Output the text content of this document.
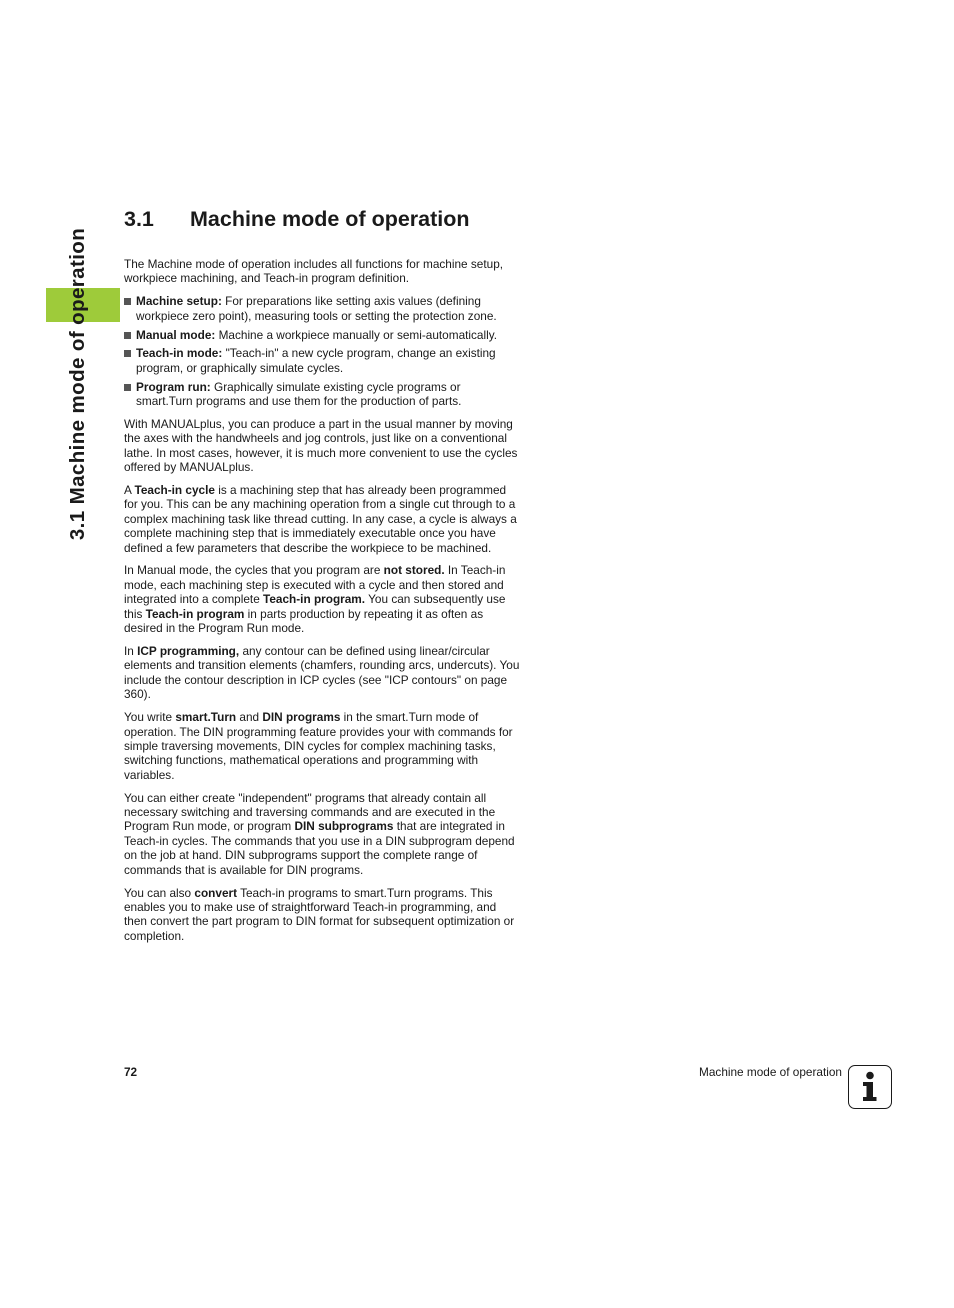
3.1 Machine mode of operation
3.1 Machine mode of operation

The Machine mode of operation includes all functions for machine setup, workpiece machining, and Teach-in program definition.

Machine setup: For preparations like setting axis values (defining workpiece zero point), measuring tools or setting the protection zone.
Manual mode: Machine a workpiece manually or semi-automatically.
Teach-in mode: "Teach-in" a new cycle program, change an existing program, or graphically simulate cycles.
Program run: Graphically simulate existing cycle programs or smart.Turn programs and use them for the production of parts.

With MANUALplus, you can produce a part in the usual manner by moving the axes with the handwheels and jog controls, just like on a conventional lathe. In most cases, however, it is much more convenient to use the cycles offered by MANUALplus.

A Teach-in cycle is a machining step that has already been programmed for you. This can be any machining operation from a single cut through to a complex machining task like thread cutting. In any case, a cycle is always a complete machining step that is immediately executable once you have defined a few parameters that describe the workpiece to be machined.

In Manual mode, the cycles that you program are not stored. In Teach-in mode, each machining step is executed with a cycle and then stored and integrated into a complete Teach-in program. You can subsequently use this Teach-in program in parts production by repeating it as often as desired in the Program Run mode.

In ICP programming, any contour can be defined using linear/circular elements and transition elements (chamfers, rounding arcs, undercuts). You include the contour description in ICP cycles (see "ICP contours" on page 360).

You write smart.Turn and DIN programs in the smart.Turn mode of operation. The DIN programming feature provides your with commands for simple traversing movements, DIN cycles for complex machining tasks, switching functions, mathematical operations and programming with variables.

You can either create "independent" programs that already contain all necessary switching and traversing commands and are executed in the Program Run mode, or program DIN subprograms that are integrated in Teach-in cycles. The commands that you use in a DIN subprogram depend on the job at hand. DIN subprograms support the complete range of commands that is available for DIN programs.

You can also convert Teach-in programs to smart.Turn programs. This enables you to make use of straightforward Teach-in programming, and then convert the part program to DIN format for subsequent optimization or completion.

72	Machine mode of operation
